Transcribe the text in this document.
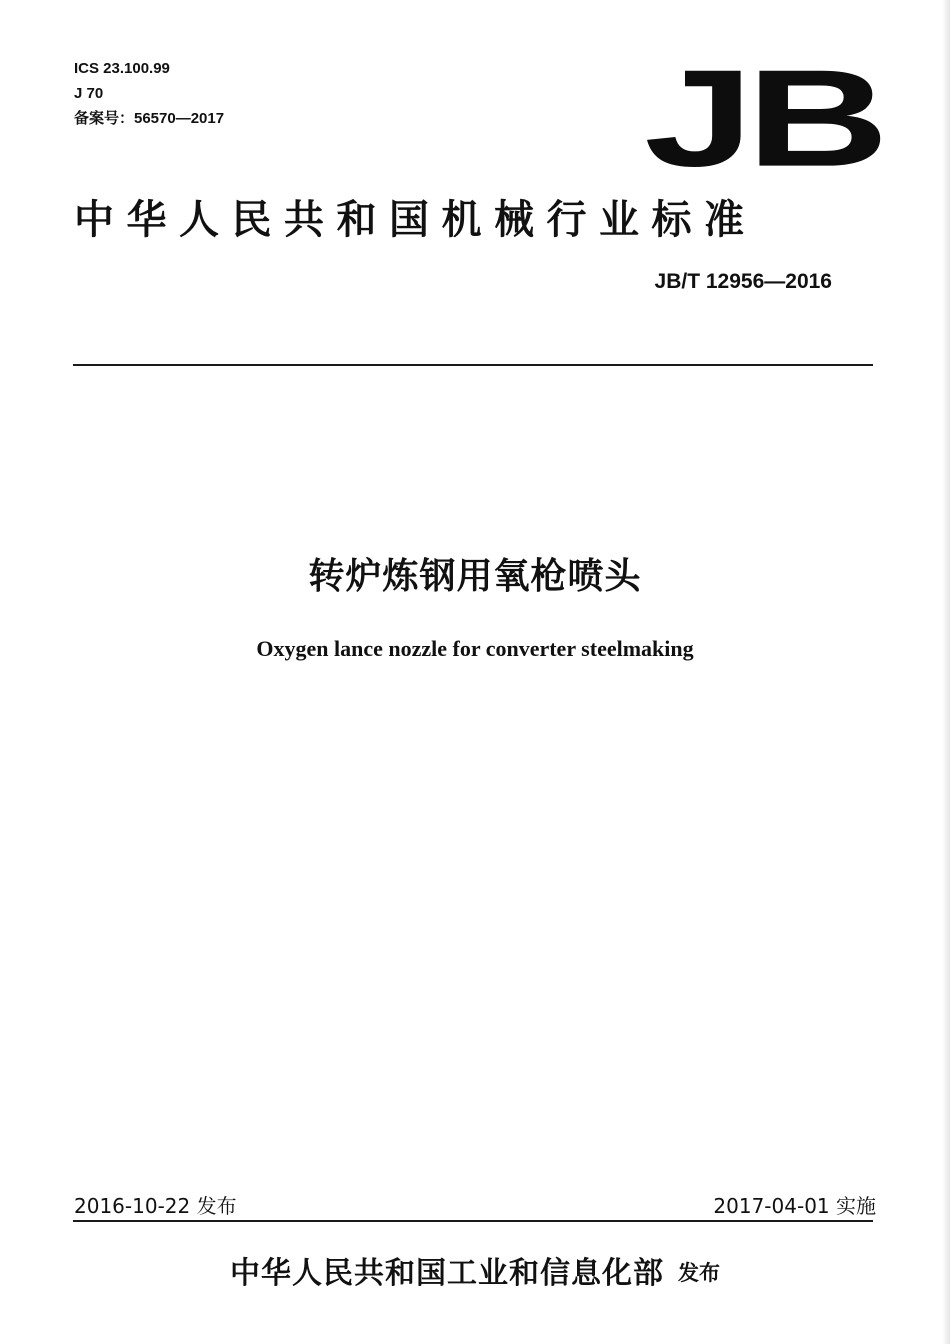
ICS 23.100.99
J 70
备案号：56570—2017	JB
中华人民共和国机械行业标准
JB/T 12956—2016
转炉炼钢用氧枪喷头
Oxygen lance nozzle for converter steelmaking
2016-10-22 发布	2017-04-01 实施
中华人民共和国工业和信息化部 发布
